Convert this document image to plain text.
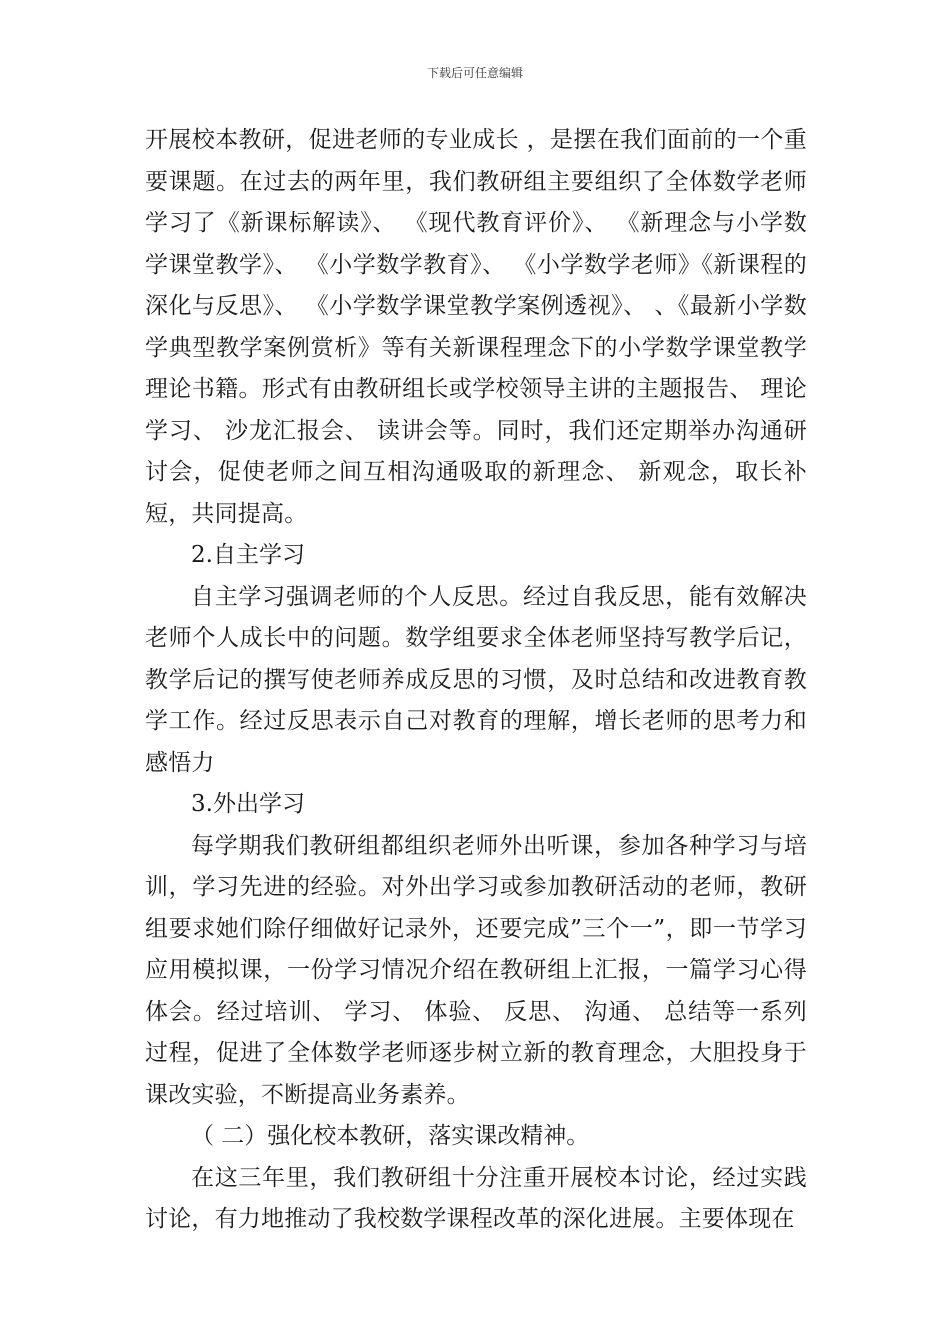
下载后可任意编辑

开展校本教研，促进老师的专业成长 ，是摆在我们面前的一个重要课题。在过去的两年里，我们教研组主要组织了全体数学老师学习了《新课标解读》、 《现代教育评价》、 《新理念与小学数学课堂教学》、 《小学数学教育》、 《小学数学老师》《新课程的深化与反思》、 《小学数学课堂教学案例透视》、 、《最新小学数学典型教学案例赏析》等有关新课程理念下的小学数学课堂教学理论书籍。形式有由教研组长或学校领导主讲的主题报告、 理论学习、 沙龙汇报会、 读讲会等。同时，我们还定期举办沟通研讨会，促使老师之间互相沟通吸取的新理念、 新观念，取长补短，共同提高。

2.自主学习

自主学习强调老师的个人反思。经过自我反思，能有效解决老师个人成长中的问题。数学组要求全体老师坚持写教学后记，教学后记的撰写使老师养成反思的习惯，及时总结和改进教育教学工作。经过反思表示自己对教育的理解，增长老师的思考力和感悟力

3.外出学习

每学期我们教研组都组织老师外出听课，参加各种学习与培训，学习先进的经验。对外出学习或参加教研活动的老师，教研组要求她们除仔细做好记录外，还要完成”三个一”，即一节学习应用模拟课，一份学习情况介绍在教研组上汇报，一篇学习心得体会。经过培训、 学习、 体验、 反思、 沟通、 总结等一系列过程，促进了全体数学老师逐步树立新的教育理念，大胆投身于课改实验，不断提高业务素养。

（ 二）强化校本教研，落实课改精神。

在这三年里，我们教研组十分注重开展校本讨论，经过实践讨论，有力地推动了我校数学课程改革的深化进展。主要体现在
